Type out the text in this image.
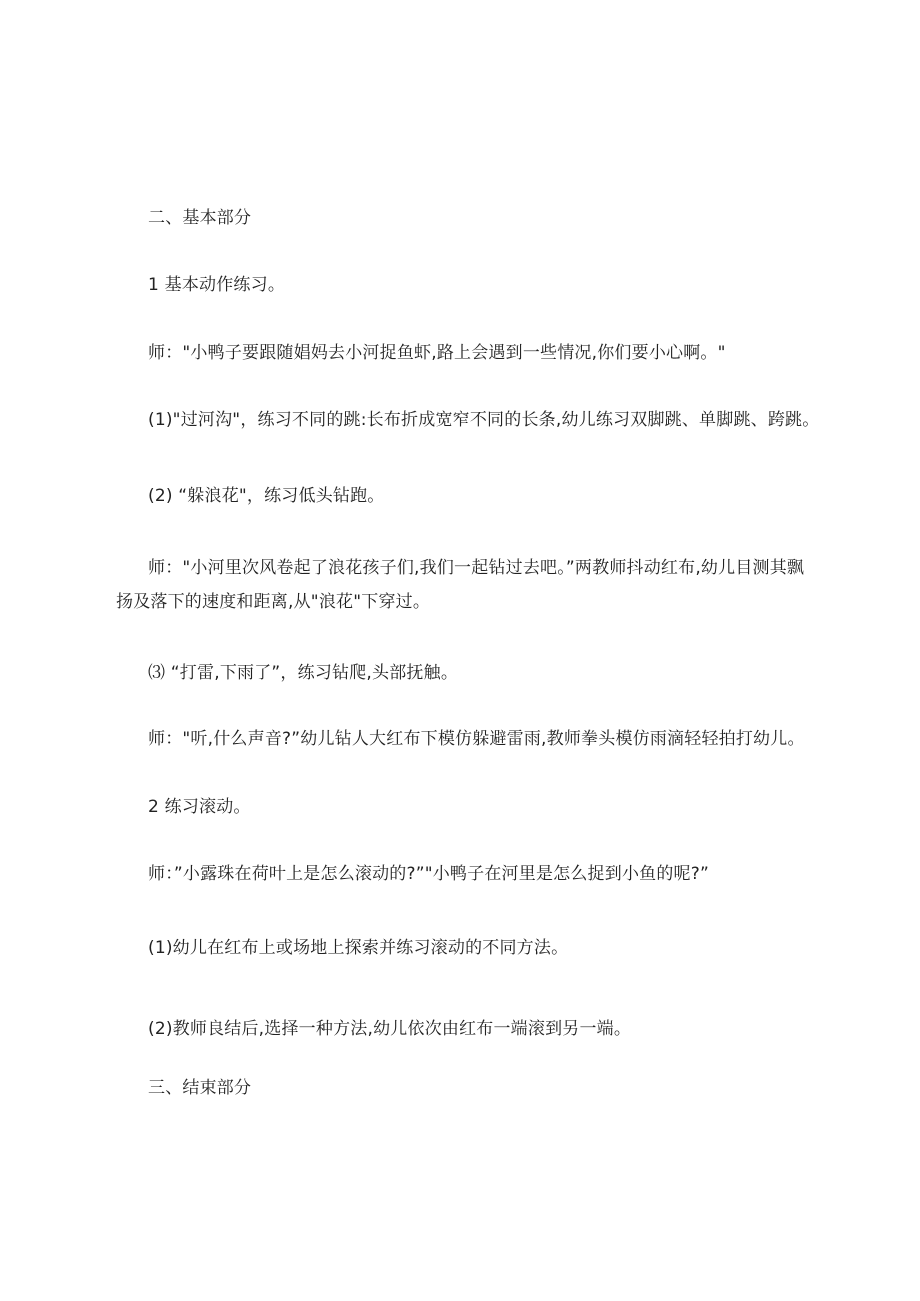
二、基本部分
1 基本动作练习。
师："小鸭子要跟随娼妈去小河捉鱼虾,路上会遇到一些情况,你们要小心啊。"
(1)"过河沟"，练习不同的跳:长布折成宽窄不同的长条,幼儿练习双脚跳、单脚跳、跨跳。
(2) “躲浪花"，练习低头钻跑。
师："小河里次风卷起了浪花孩子们,我们一起钻过去吧。”两教师抖动红布,幼儿目测其飘扬及落下的速度和距离,从"浪花"下穿过。
⑶ “打雷,下雨了”，练习钻爬,头部抚触。
师："听,什么声音?”幼儿钻人大红布下模仿躲避雷雨,教师拳头模仿雨滴轻轻拍打幼儿。
2 练习滚动。
师：”小露珠在荷叶上是怎么滚动的?”"小鸭子在河里是怎么捉到小鱼的呢?”
(1)幼儿在红布上或场地上探索并练习滚动的不同方法。
(2)教师良结后,选择一种方法,幼儿依次由红布一端滚到另一端。
三、结束部分
